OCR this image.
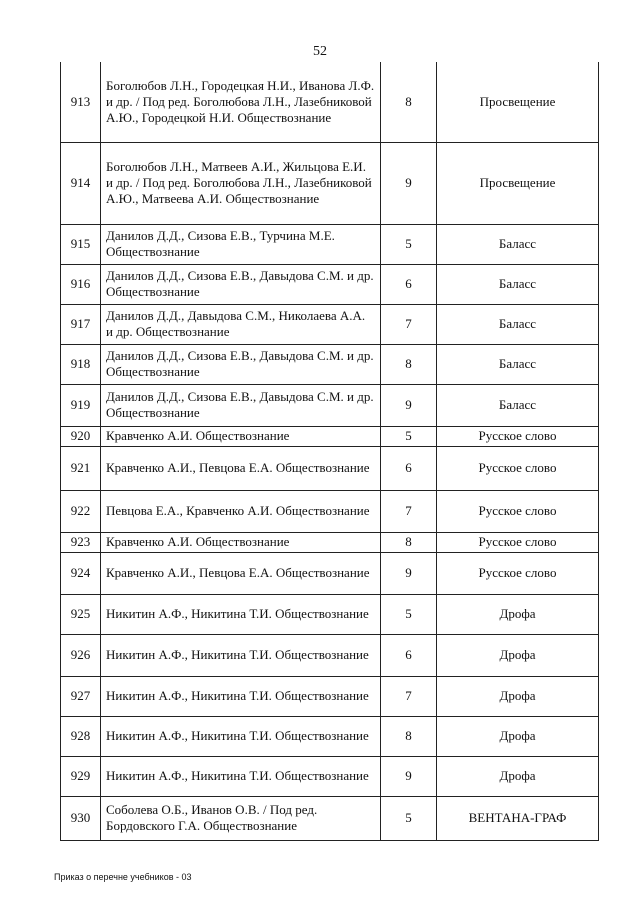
52
913	Боголюбов Л.Н., Городецкая Н.И., Иванова Л.Ф. и др. / Под ред. Боголюбова Л.Н., Лазебниковой А.Ю., Городецкой Н.И. Обществознание	8	Просвещение
914	Боголюбов Л.Н., Матвеев А.И., Жильцова Е.И. и др. / Под ред. Боголюбова Л.Н., Лазебниковой А.Ю., Матвеева А.И. Обществознание	9	Просвещение
915	Данилов Д.Д., Сизова Е.В., Турчина М.Е. Обществознание	5	Баласс
916	Данилов Д.Д., Сизова Е.В., Давыдова С.М. и др. Обществознание	6	Баласс
917	Данилов Д.Д., Давыдова С.М., Николаева А.А. и др. Обществознание	7	Баласс
918	Данилов Д.Д., Сизова Е.В., Давыдова С.М. и др. Обществознание	8	Баласс
919	Данилов Д.Д., Сизова Е.В., Давыдова С.М. и др. Обществознание	9	Баласс
920	Кравченко А.И. Обществознание	5	Русское слово
921	Кравченко А.И., Певцова Е.А. Обществознание	6	Русское слово
922	Певцова Е.А., Кравченко А.И. Обществознание	7	Русское слово
923	Кравченко А.И. Обществознание	8	Русское слово
924	Кравченко А.И., Певцова Е.А. Обществознание	9	Русское слово
925	Никитин А.Ф., Никитина Т.И. Обществознание	5	Дрофа
926	Никитин А.Ф., Никитина Т.И. Обществознание	6	Дрофа
927	Никитин А.Ф., Никитина Т.И. Обществознание	7	Дрофа
928	Никитин А.Ф., Никитина Т.И. Обществознание	8	Дрофа
929	Никитин А.Ф., Никитина Т.И. Обществознание	9	Дрофа
930	Соболева О.Б., Иванов О.В. / Под ред. Бордовского Г.А. Обществознание	5	ВЕНТАНА-ГРАФ
Приказ о перечне учебников - 03
